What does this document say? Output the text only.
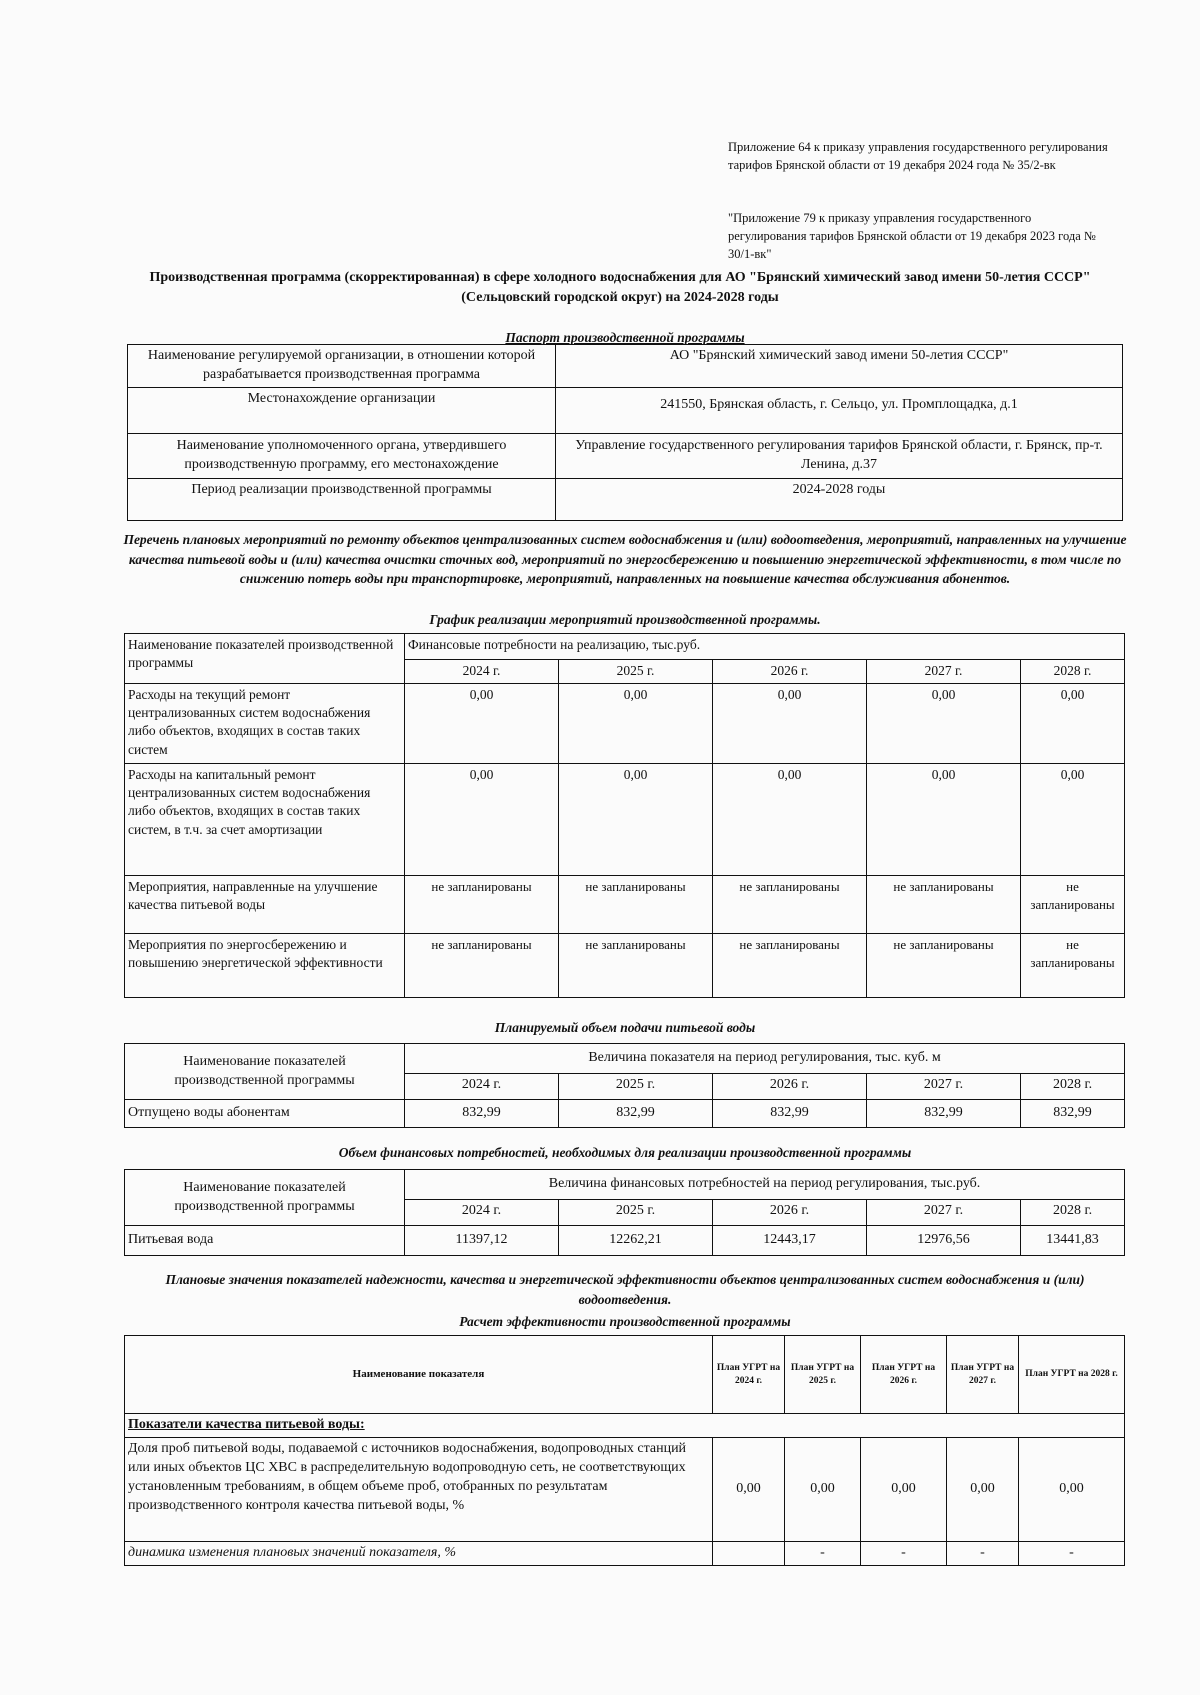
Приложение 64 к приказу управления государственного регулирования тарифов Брянской области от 19 декабря 2024 года № 35/2-вк
"Приложение 79 к приказу управления государственного регулирования тарифов Брянской области от 19 декабря 2023 года № 30/1-вк"
Производственная программа (скорректированная) в сфере холодного водоснабжения для АО "Брянский химический завод имени 50-летия СССР" (Сельцовский городской округ) на 2024-2028 годы
Паспорт производственной программы
Наименование регулируемой организации, в отношении которой разрабатывается производственная программа	АО "Брянский химический завод имени 50-летия СССР"
Местонахождение организации	241550, Брянская область, г. Сельцо, ул. Промплощадка, д.1
Наименование уполномоченного органа, утвердившего производственную программу, его местонахождение	Управление государственного регулирования тарифов Брянской области, г. Брянск, пр-т. Ленина, д.37
Период реализации производственной программы	2024-2028 годы
Перечень плановых мероприятий по ремонту объектов централизованных систем водоснабжения и (или) водоотведения, мероприятий, направленных на улучшение качества питьевой воды и (или) качества очистки сточных вод, мероприятий по энергосбережению и повышению энергетической эффективности, в том числе по снижению потерь воды при транспортировке, мероприятий, направленных на повышение качества обслуживания абонентов.
График реализации мероприятий производственной программы.
Наименование показателей производственной программы	Финансовые потребности на реализацию, тыс.руб.				
	2024 г.	2025 г.	2026 г.	2027 г.	2028 г.
Расходы на текущий ремонт централизованных систем водоснабжения либо объектов, входящих в состав таких систем	0,00	0,00	0,00	0,00	0,00
Расходы на капитальный ремонт централизованных систем водоснабжения либо объектов, входящих в состав таких систем, в т.ч. за счет амортизации	0,00	0,00	0,00	0,00	0,00
Мероприятия, направленные на улучшение качества питьевой воды	не запланированы	не запланированы	не запланированы	не запланированы	не запланированы
Мероприятия по энергосбережению и повышению энергетической эффективности	не запланированы	не запланированы	не запланированы	не запланированы	не запланированы
Планируемый объем подачи питьевой воды
Наименование показателей производственной программы	Величина показателя на период регулирования, тыс. куб. м				
	2024 г.	2025 г.	2026 г.	2027 г.	2028 г.
Отпущено воды абонентам	832,99	832,99	832,99	832,99	832,99
Объем финансовых потребностей, необходимых для реализации производственной программы
Наименование показателей производственной программы	Величина финансовых потребностей на период регулирования, тыс.руб.				
	2024 г.	2025 г.	2026 г.	2027 г.	2028 г.
Питьевая вода	11397,12	12262,21	12443,17	12976,56	13441,83
Плановые значения показателей надежности, качества и энергетической эффективности объектов централизованных систем водоснабжения и (или) водоотведения.
Расчет эффективности производственной программы
Наименование показателя	План УГРТ на 2024 г.	План УГРТ на 2025 г.	План УГРТ на 2026 г.	План УГРТ на 2027 г.	План УГРТ на 2028 г.
Показатели качества питьевой воды:					
Доля проб питьевой воды, подаваемой с источников водоснабжения, водопроводных станций или иных объектов ЦС ХВС в распределительную водопроводную сеть, не соответствующих установленным требованиям, в общем объеме проб, отобранных по результатам производственного контроля качества питьевой воды, %	0,00	0,00	0,00	0,00	0,00
динамика изменения плановых значений показателя, %		-	-	-	-
